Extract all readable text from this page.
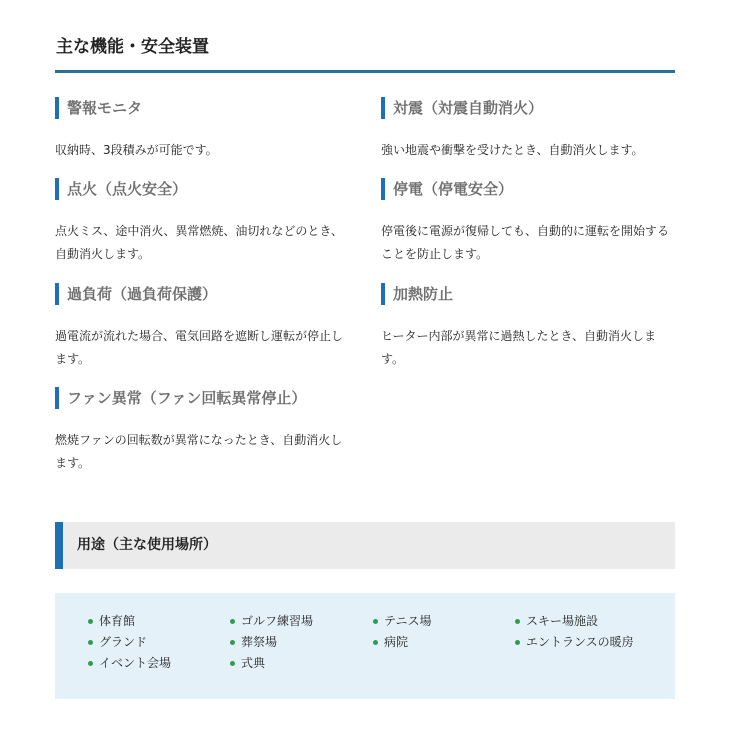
主な機能・安全装置
警報モニタ
収納時、3段積みが可能です。
点火（点火安全）
点火ミス、途中消火、異常燃焼、油切れなどのとき、自動消火します。
過負荷（過負荷保護）
過電流が流れた場合、電気回路を遮断し運転が停止します。
ファン異常（ファン回転異常停止）
燃焼ファンの回転数が異常になったとき、自動消火します。
対震（対震自動消火）
強い地震や衝撃を受けたとき、自動消火します。
停電（停電安全）
停電後に電源が復帰しても、自動的に運転を開始することを防止します。
加熱防止
ヒーター内部が異常に過熱したとき、自動消火します。
用途（主な使用場所）
体育館
グランド
イベント会場
ゴルフ練習場
葬祭場
式典
テニス場
病院
スキー場施設
エントランスの暖房
